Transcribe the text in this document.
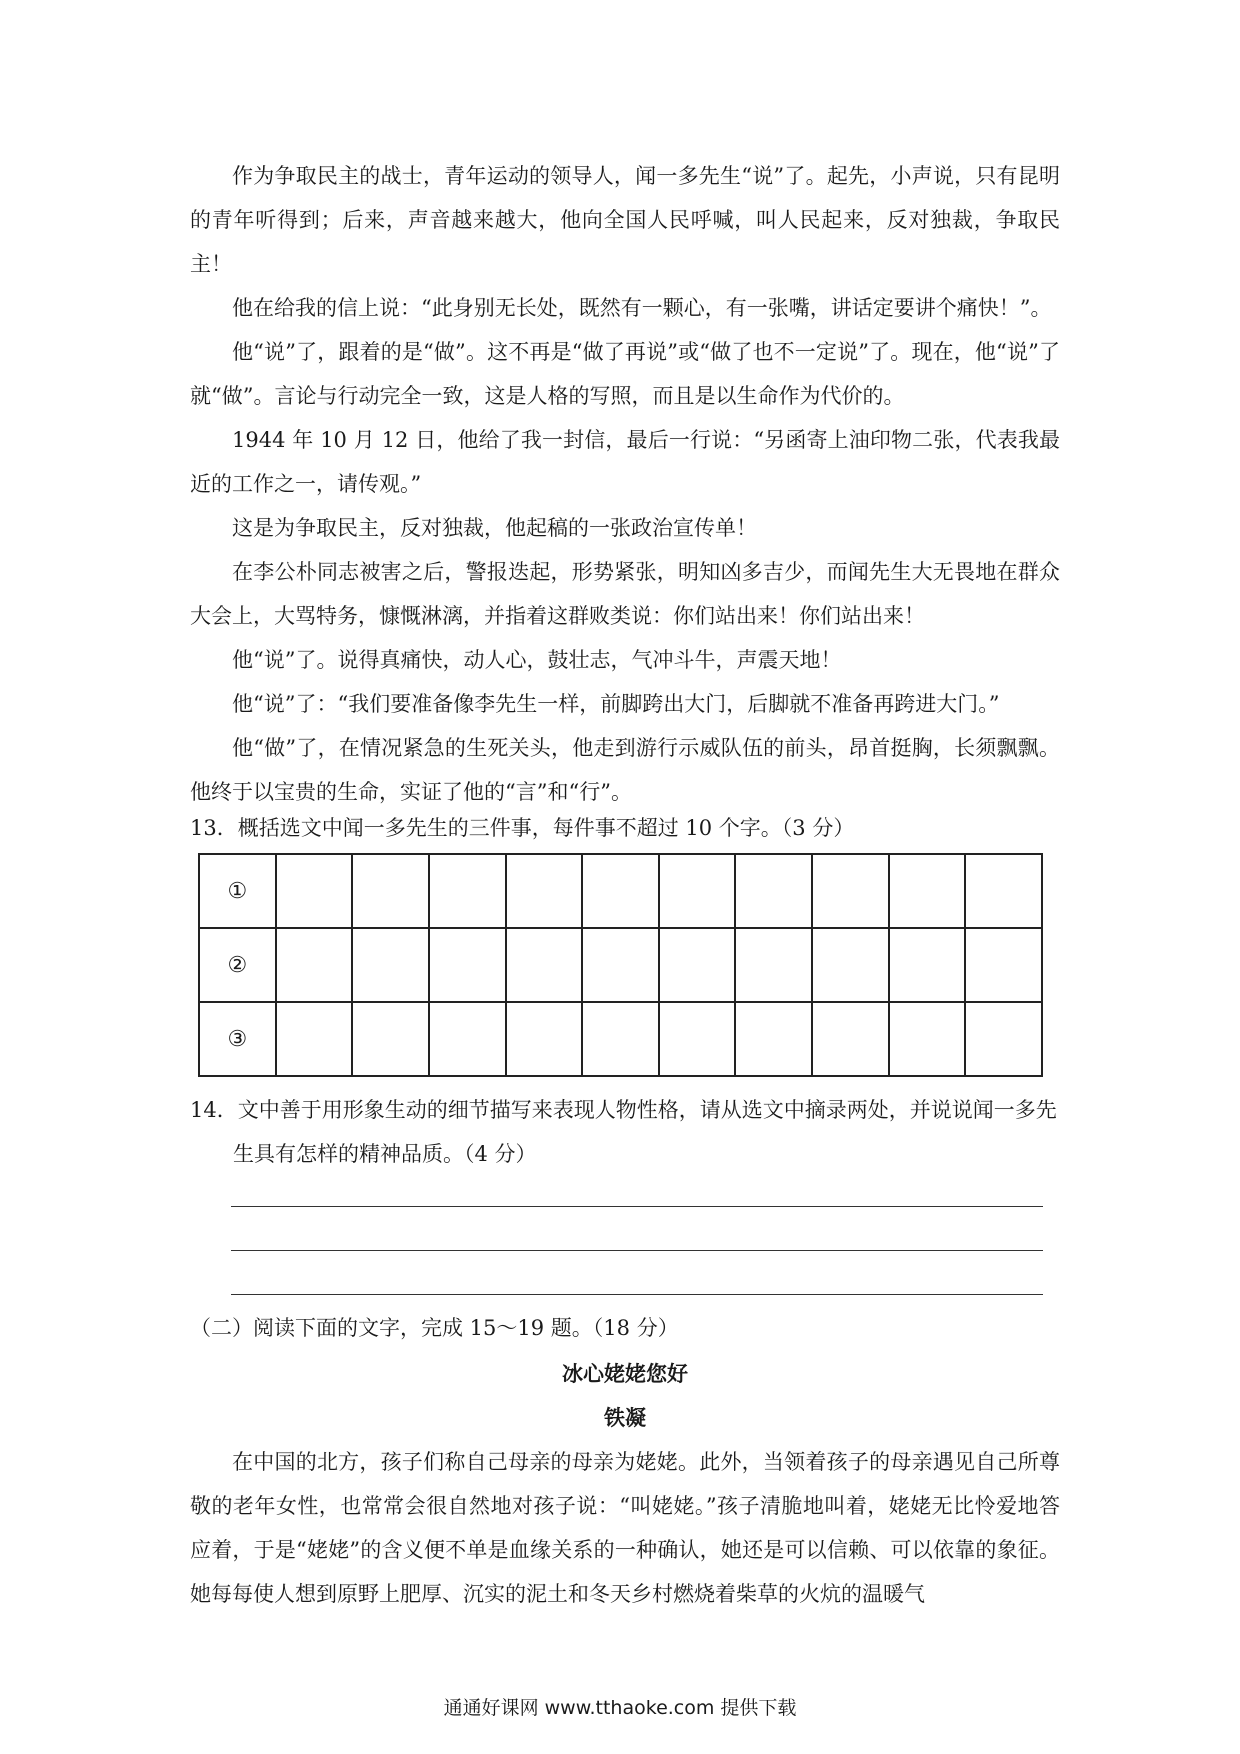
作为争取民主的战士，青年运动的领导人，闻一多先生“说”了。起先，小声说，只有昆明的青年听得到；后来，声音越来越大，他向全国人民呼喊，叫人民起来，反对独裁，争取民主！

他在给我的信上说：“此身别无长处，既然有一颗心，有一张嘴，讲话定要讲个痛快！”。

他“说”了，跟着的是“做”。这不再是“做了再说”或“做了也不一定说”了。现在，他“说”了就“做”。言论与行动完全一致，这是人格的写照，而且是以生命作为代价的。

1944 年 10 月 12 日，他给了我一封信，最后一行说：“另函寄上油印物二张，代表我最近的工作之一，请传观。”

这是为争取民主，反对独裁，他起稿的一张政治宣传单！

在李公朴同志被害之后，警报迭起，形势紧张，明知凶多吉少，而闻先生大无畏地在群众大会上，大骂特务，慷慨淋漓，并指着这群败类说：你们站出来！你们站出来！

他“说”了。说得真痛快，动人心，鼓壮志，气冲斗牛，声震天地！

他“说”了：“我们要准备像李先生一样，前脚跨出大门，后脚就不准备再跨进大门。”

他“做”了，在情况紧急的生死关头，他走到游行示威队伍的前头，昂首挺胸，长须飘飘。他终于以宝贵的生命，实证了他的“言”和“行”。

13．概括选文中闻一多先生的三件事，每件事不超过 10 个字。（3 分）

①										
②										
③										

14．文中善于用形象生动的细节描写来表现人物性格，请从选文中摘录两处，并说说闻一多先生具有怎样的精神品质。（4 分）

（二）阅读下面的文字，完成 15～19 题。（18 分）

冰心姥姥您好

铁凝

在中国的北方，孩子们称自己母亲的母亲为姥姥。此外，当领着孩子的母亲遇见自己所尊敬的老年女性，也常常会很自然地对孩子说：“叫姥姥。”孩子清脆地叫着，姥姥无比怜爱地答应着，于是“姥姥”的含义便不单是血缘关系的一种确认，她还是可以信赖、可以依靠的象征。她每每使人想到原野上肥厚、沉实的泥土和冬天乡村燃烧着柴草的火炕的温暖气

通通好课网 www.tthaoke.com 提供下载
